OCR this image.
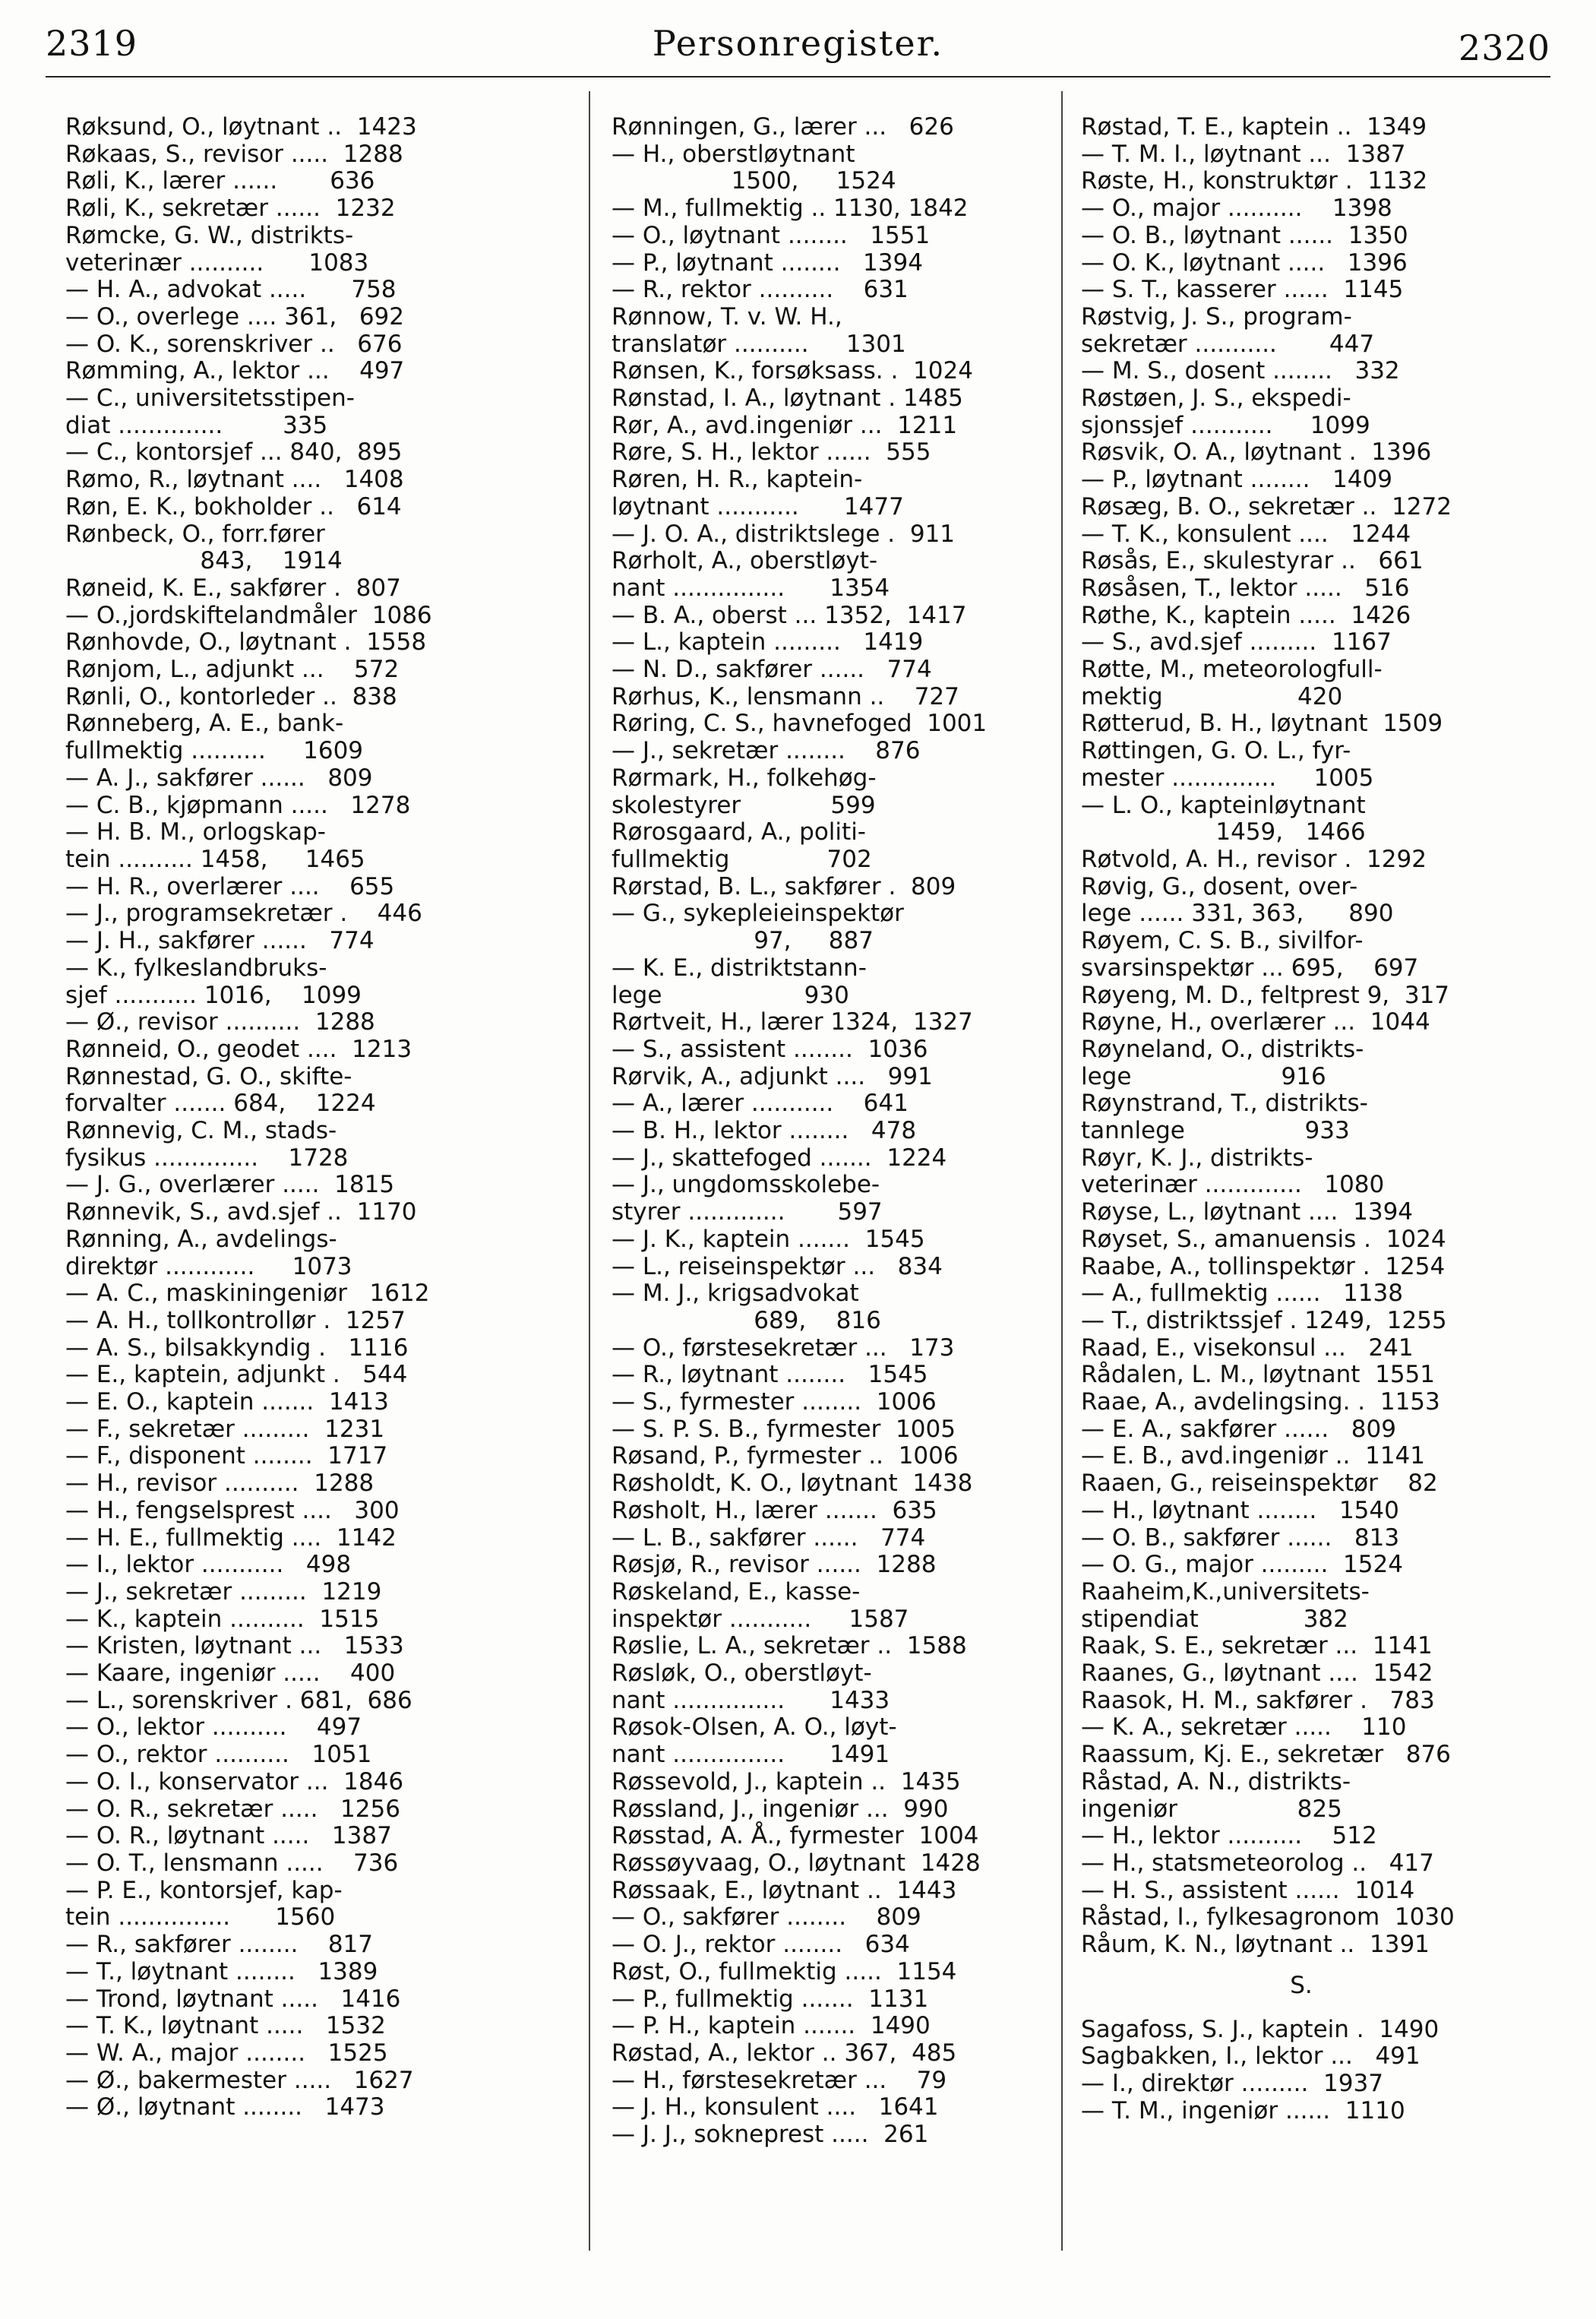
2319	Personregister.	2320
Røksund, O., løytnant ..  1423
Røkaas, S., revisor .....  1288
Røli, K., lærer ......       636
Røli, K., sekretær ......  1232
Rømcke, G. W., distrikts-
veterinær ..........      1083
— H. A., advokat .....      758
— O., overlege .... 361,   692
— O. K., sorenskriver ..   676
Rømming, A., lektor ...    497
— C., universitetsstipen-
diat ..............        335
— C., kontorsjef ... 840,  895
Rømo, R., løytnant ....   1408
Røn, E. K., bokholder ..   614
Rønbeck, O., forr.fører
843,    1914
Røneid, K. E., sakfører .  807
— O.,jordskiftelandmåler  1086
Rønhovde, O., løytnant .  1558
Rønjom, L., adjunkt ...    572
Rønli, O., kontorleder ..  838
Rønneberg, A. E., bank-
fullmektig ..........     1609
— A. J., sakfører ......   809
— C. B., kjøpmann .....   1278
— H. B. M., orlogskap-
tein .......... 1458,     1465
— H. R., overlærer ....    655
— J., programsekretær .    446
— J. H., sakfører ......   774
— K., fylkeslandbruks-
sjef ........... 1016,    1099
— Ø., revisor ..........  1288
Rønneid, O., geodet ....  1213
Rønnestad, G. O., skifte-
forvalter ....... 684,    1224
Rønnevig, C. M., stads-
fysikus ..............    1728
— J. G., overlærer .....  1815
Rønnevik, S., avd.sjef ..  1170
Rønning, A., avdelings-
direktør ............     1073
— A. C., maskiningeniør   1612
— A. H., tollkontrollør .  1257
— A. S., bilsakkyndig .   1116
— E., kaptein, adjunkt .   544
— E. O., kaptein .......  1413
— F., sekretær .........  1231
— F., disponent ........  1717
— H., revisor ..........  1288
— H., fengselsprest ....   300
— H. E., fullmektig ....  1142
— I., lektor ...........   498
— J., sekretær .........  1219
— K., kaptein ..........  1515
— Kristen, løytnant ...   1533
— Kaare, ingeniør .....    400
— L., sorenskriver . 681,  686
— O., lektor ..........    497
— O., rektor ..........   1051
— O. I., konservator ...  1846
— O. R., sekretær .....   1256
— O. R., løytnant .....   1387
— O. T., lensmann .....    736
— P. E., kontorsjef, kap-
tein ...............      1560
— R., sakfører ........    817
— T., løytnant ........   1389
— Trond, løytnant .....   1416
— T. K., løytnant .....   1532
— W. A., major ........   1525
— Ø., bakermester .....   1627
— Ø., løytnant ........   1473
Rønningen, G., lærer ...   626
— H., oberstløytnant
1500,     1524
— M., fullmektig .. 1130, 1842
— O., løytnant ........   1551
— P., løytnant ........   1394
— R., rektor ..........    631
Rønnow, T. v. W. H.,
translatør ..........     1301
Rønsen, K., forsøksass. .  1024
Rønstad, I. A., løytnant . 1485
Rør, A., avd.ingeniør ...  1211
Røre, S. H., lektor ......  555
Røren, H. R., kaptein-
løytnant ...........      1477
— J. O. A., distriktslege .  911
Rørholt, A., oberstløyt-
nant ...............      1354
— B. A., oberst ... 1352,  1417
— L., kaptein .........   1419
— N. D., sakfører ......   774
Rørhus, K., lensmann ..    727
Røring, C. S., havnefoged  1001
— J., sekretær ........    876
Rørmark, H., folkehøg-
skolestyrer            599
Rørosgaard, A., politi-
fullmektig             702
Rørstad, B. L., sakfører .  809
— G., sykepleieinspektør
97,     887
— K. E., distriktstann-
lege                   930
Rørtveit, H., lærer 1324,  1327
— S., assistent ........  1036
Rørvik, A., adjunkt ....   991
— A., lærer ...........    641
— B. H., lektor ........   478
— J., skattefoged .......  1224
— J., ungdomsskolebe-
styrer .............       597
— J. K., kaptein .......  1545
— L., reiseinspektør ...   834
— M. J., krigsadvokat
689,    816
— O., førstesekretær ...   173
— R., løytnant ........   1545
— S., fyrmester ........  1006
— S. P. S. B., fyrmester  1005
Røsand, P., fyrmester ..  1006
Røsholdt, K. O., løytnant  1438
Røsholt, H., lærer .......  635
— L. B., sakfører ......   774
Røsjø, R., revisor ......  1288
Røskeland, E., kasse-
inspektør ...........     1587
Røslie, L. A., sekretær ..  1588
Røsløk, O., oberstløyt-
nant ...............      1433
Røsok-Olsen, A. O., løyt-
nant ...............      1491
Røssevold, J., kaptein ..  1435
Røssland, J., ingeniør ...  990
Røsstad, A. Å., fyrmester  1004
Røssøyvaag, O., løytnant  1428
Røssaak, E., løytnant ..  1443
— O., sakfører ........    809
— O. J., rektor ........   634
Røst, O., fullmektig .....  1154
— P., fullmektig .......  1131
— P. H., kaptein .......  1490
Røstad, A., lektor .. 367,  485
— H., førstesekretær ...    79
— J. H., konsulent ....   1641
— J. J., sokneprest .....  261
Røstad, T. E., kaptein ..  1349
— T. M. I., løytnant ...  1387
Røste, H., konstruktør .  1132
— O., major ..........    1398
— O. B., løytnant ......  1350
— O. K., løytnant .....   1396
— S. T., kasserer ......  1145
Røstvig, J. S., program-
sekretær ...........       447
— M. S., dosent ........   332
Røstøen, J. S., ekspedi-
sjonssjef ...........     1099
Røsvik, O. A., løytnant .  1396
— P., løytnant ........   1409
Røsæg, B. O., sekretær ..  1272
— T. K., konsulent ....   1244
Røsås, E., skulestyrar ..   661
Røsåsen, T., lektor .....   516
Røthe, K., kaptein .....  1426
— S., avd.sjef .........  1167
Røtte, M., meteorologfull-
mektig                  420
Røtterud, B. H., løytnant  1509
Røttingen, G. O. L., fyr-
mester ..............     1005
— L. O., kapteinløytnant
1459,   1466
Røtvold, A. H., revisor .  1292
Røvig, G., dosent, over-
lege ...... 331, 363,      890
Røyem, C. S. B., sivilfor-
svarsinspektør ... 695,    697
Røyeng, M. D., feltprest 9,  317
Røyne, H., overlærer ...  1044
Røyneland, O., distrikts-
lege                    916
Røynstrand, T., distrikts-
tannlege                933
Røyr, K. J., distrikts-
veterinær .............   1080
Røyse, L., løytnant ....  1394
Røyset, S., amanuensis .  1024
Raabe, A., tollinspektør .  1254
— A., fullmektig ......   1138
— T., distriktssjef . 1249,  1255
Raad, E., visekonsul ...   241
Rådalen, L. M., løytnant  1551
Raae, A., avdelingsing. .  1153
— E. A., sakfører ......   809
— E. B., avd.ingeniør ..  1141
Raaen, G., reiseinspektør    82
— H., løytnant ........   1540
— O. B., sakfører ......   813
— O. G., major .........  1524
Raaheim,K.,universitets-
stipendiat              382
Raak, S. E., sekretær ...  1141
Raanes, G., løytnant ....  1542
Raasok, H. M., sakfører .   783
— K. A., sekretær .....    110
Raassum, Kj. E., sekretær   876
Råstad, A. N., distrikts-
ingeniør                825
— H., lektor ..........    512
— H., statsmeteorolog ..   417
— H. S., assistent ......  1014
Råstad, I., fylkesagronom  1030
Råum, K. N., løytnant ..  1391
S.
Sagafoss, S. J., kaptein .  1490
Sagbakken, I., lektor ...   491
— I., direktør .........  1937
— T. M., ingeniør ......  1110
